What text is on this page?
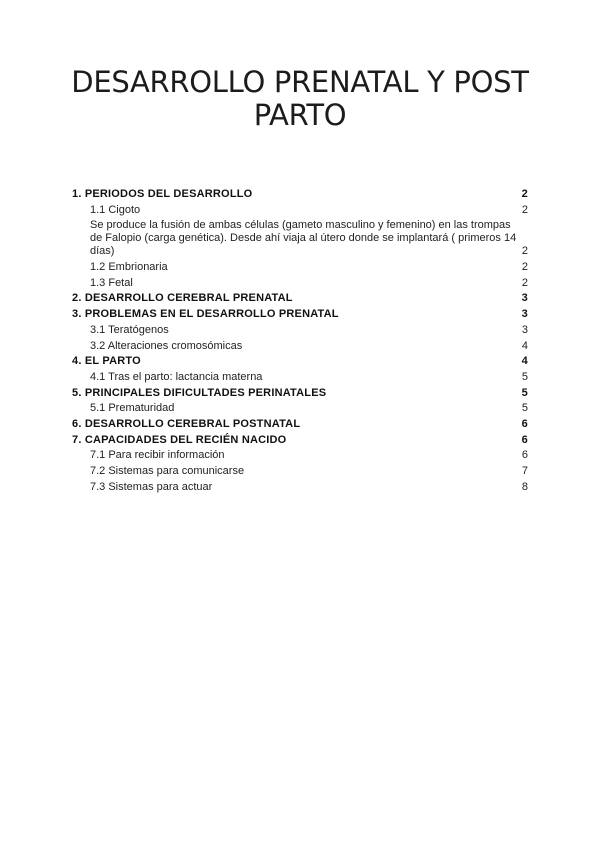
DESARROLLO PRENATAL Y POST PARTO
1. PERIODOS DEL DESARROLLO	2
1.1 Cigoto	2
Se produce la fusión de ambas células (gameto masculino y femenino) en las trompas de Falopio (carga genética). Desde ahí viaja al útero donde se implantará ( primeros 14 días)	2
1.2 Embrionaria	2
1.3 Fetal	2
2. DESARROLLO CEREBRAL PRENATAL	3
3. PROBLEMAS EN EL DESARROLLO PRENATAL	3
3.1 Teratógenos	3
3.2 Alteraciones cromosómicas	4
4. EL PARTO	4
4.1 Tras el parto: lactancia materna	5
5. PRINCIPALES DIFICULTADES PERINATALES	5
5.1 Prematuridad	5
6. DESARROLLO CEREBRAL POSTNATAL	6
7. CAPACIDADES DEL RECIÉN NACIDO	6
7.1 Para recibir información	6
7.2 Sistemas para comunicarse	7
7.3 Sistemas para actuar	8
